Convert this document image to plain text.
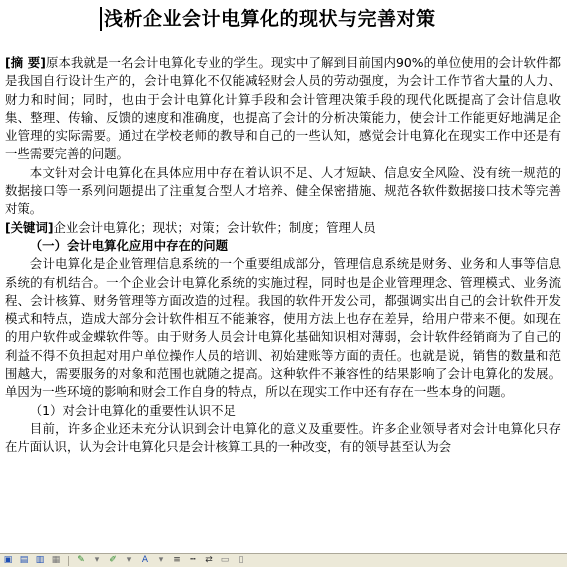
浅析企业会计电算化的现状与完善对策

[摘 要]原本我就是一名会计电算化专业的学生。现实中了解到目前国内90%的单位使用的会计软件都是我国自行设计生产的，会计电算化不仅能减轻财会人员的劳动强度，为会计工作节省大量的人力、财力和时间；同时，也由于会计电算化计算手段和会计管理决策手段的现代化既提高了会计信息收集、整理、传输、反馈的速度和准确度，也提高了会计的分析决策能力，使会计工作能更好地满足企业管理的实际需要。通过在学校老师的教导和自己的一些认知，感觉会计电算化在现实工作中还是有一些需要完善的问题。

本文针对会计电算化在具体应用中存在着认识不足、人才短缺、信息安全风险、没有统一规范的数据接口等一系列问题提出了注重复合型人才培养、健全保密措施、规范各软件数据接口技术等完善对策。

[关键词]企业会计电算化；现状；对策；会计软件；制度；管理人员

（一）会计电算化应用中存在的问题

会计电算化是企业管理信息系统的一个重要组成部分，管理信息系统是财务、业务和人事等信息系统的有机结合。一个企业会计电算化系统的实施过程，同时也是企业管理理念、管理模式、业务流程、会计核算、财务管理等方面改造的过程。我国的软件开发公司，都强调实出自己的会计软件开发模式和特点，造成大部分会计软件相互不能兼容，使用方法上也存在差异，给用户带来不便。如现在的用户软件或金蝶软件等。由于财务人员会计电算化基础知识相对薄弱，会计软件经销商为了自己的利益不得不负担起对用户单位操作人员的培训、初始建账等方面的责任。也就是说，销售的数量和范围越大，需要服务的对象和范围也就随之提高。这种软件不兼容性的结果影响了会计电算化的发展。单因为一些环境的影响和财会工作自身的特点，所以在现实工作中还有存在一些本身的问题。

（1）对会计电算化的重要性认识不足

目前，许多企业还未充分认识到会计电算化的意义及重要性。许多企业领导者对会计电算化只存在片面认识，认为会计电算化只是会计核算工具的一种改变，有的领导甚至认为会

▣ ▤ ▥ ▦ ✎	▾	✐	▾	A	▾	≡	┅	⇄ ▭	▯
